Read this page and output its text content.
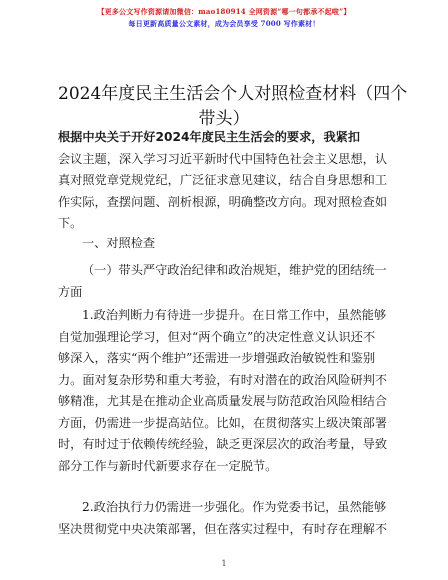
【更多公文写作资源请加微信：mao180914 全网资源“哪一句都承不起啦”】
每日更新高质量公文素材，成为会员享受 7000 写作素材！
2024年度民主生活会个人对照检查材料（四个
带头）
根据中央关于开好2024年度民主生活会的要求，我紧扣
会议主题，深入学习习近平新时代中国特色社会主义思想，认
真对照党章党规党纪，广泛征求意见建议，结合自身思想和工
作实际，查摆问题、剖析根源，明确整改方向。现对照检查如
下。
一、对照检查
（一）带头严守政治纪律和政治规矩，维护党的团结统一
方面
1.政治判断力有待进一步提升。在日常工作中，虽然能够
自觉加强理论学习，但对“两个确立”的决定性意义认识还不
够深入，落实“两个维护”还需进一步增强政治敏锐性和鉴别
力。面对复杂形势和重大考验，有时对潜在的政治风险研判不
够精准，尤其是在推动企业高质量发展与防范政治风险相结合
方面，仍需进一步提高站位。比如，在贯彻落实上级决策部署
时，有时过于依赖传统经验，缺乏更深层次的政治考量，导致
部分工作与新时代新要求存在一定脱节。
2.政治执行力仍需进一步强化。作为党委书记，虽然能够
坚决贯彻党中央决策部署，但在落实过程中，有时存在理解不
1
